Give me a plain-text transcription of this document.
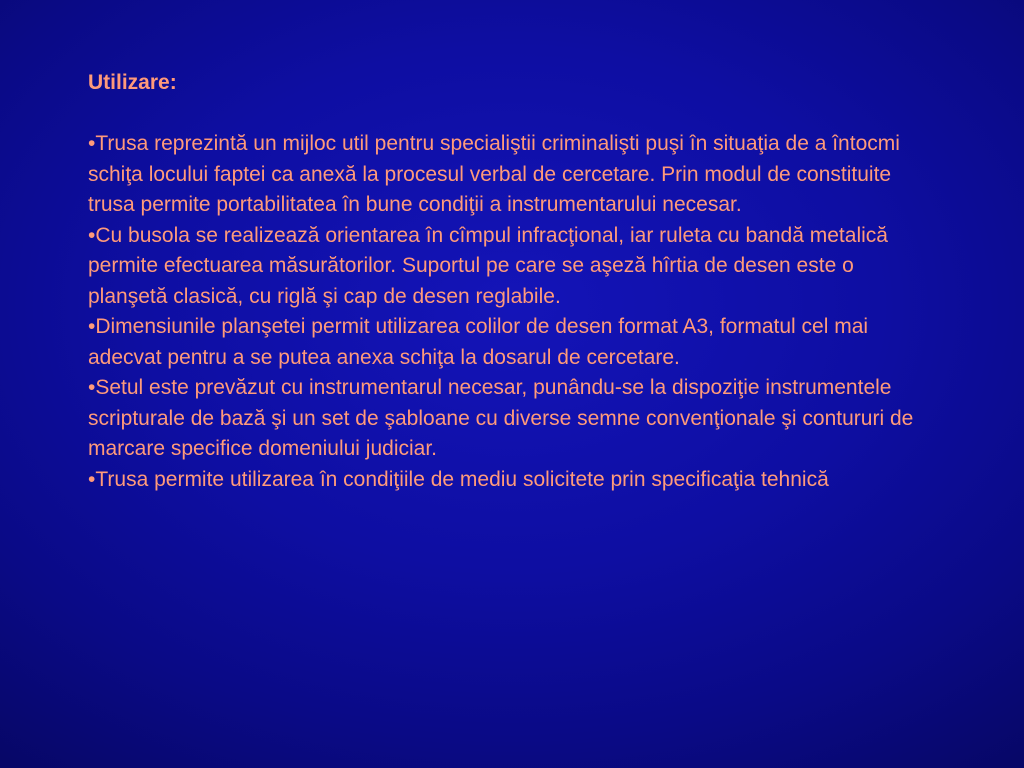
Utilizare:

•Trusa reprezintă un mijloc util pentru specialiştii criminalişti puşi în situaţia de a întocmi schiţa locului faptei ca anexă la procesul verbal de cercetare. Prin modul de constituite trusa permite portabilitatea în bune condiţii a instrumentarului necesar.

•Cu busola se realizează orientarea în cîmpul infracţional, iar ruleta cu bandă metalică permite efectuarea măsurătorilor. Suportul pe care se aşeză hîrtia de desen este o planşetă clasică, cu riglă şi cap de desen reglabile.

•Dimensiunile planşetei permit utilizarea colilor de desen format A3, formatul cel mai adecvat pentru a se putea anexa schiţa la dosarul de cercetare.

•Setul este prevăzut cu instrumentarul necesar, punându-se la dispoziţie instrumentele scripturale de bază şi un set de şabloane cu diverse semne convenţionale şi contururi de marcare specifice domeniului judiciar.

•Trusa permite utilizarea în condiţiile de mediu solicitete prin specificaţia tehnică
